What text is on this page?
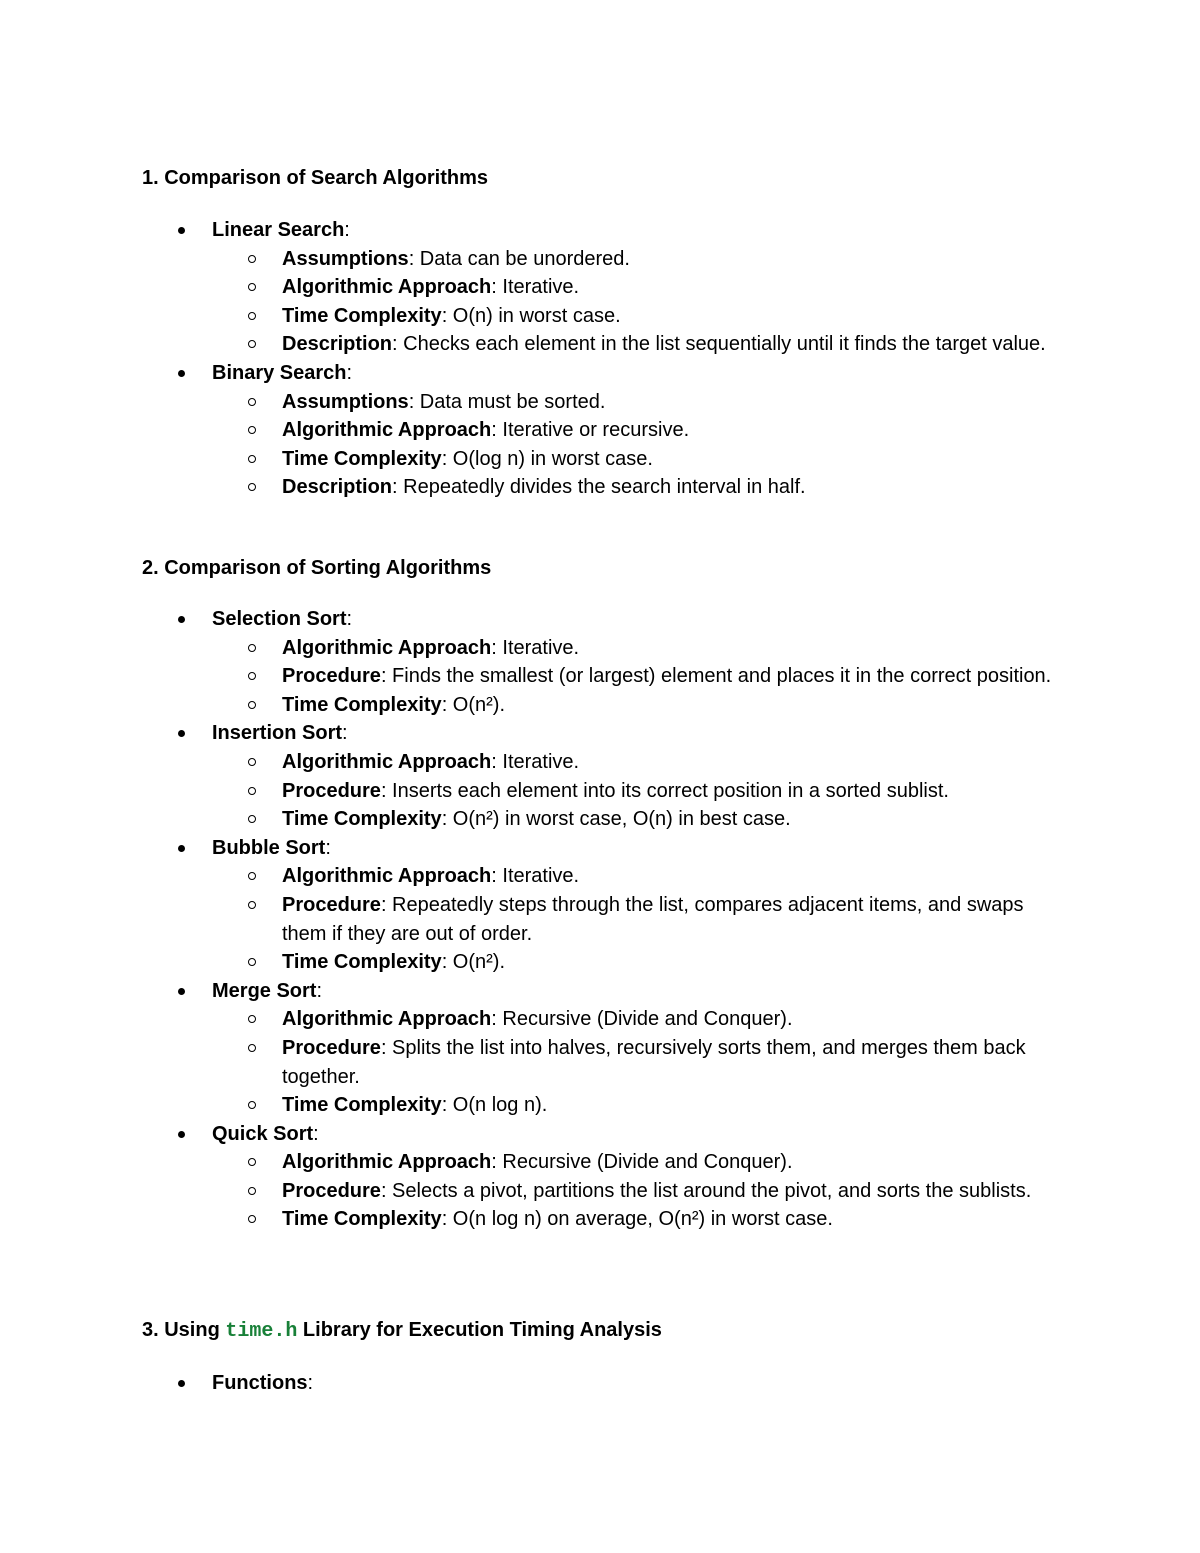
1. Comparison of Search Algorithms
Linear Search:
Assumptions: Data can be unordered.
Algorithmic Approach: Iterative.
Time Complexity: O(n) in worst case.
Description: Checks each element in the list sequentially until it finds the target value.
Binary Search:
Assumptions: Data must be sorted.
Algorithmic Approach: Iterative or recursive.
Time Complexity: O(log n) in worst case.
Description: Repeatedly divides the search interval in half.
2. Comparison of Sorting Algorithms
Selection Sort:
Algorithmic Approach: Iterative.
Procedure: Finds the smallest (or largest) element and places it in the correct position.
Time Complexity: O(n²).
Insertion Sort:
Algorithmic Approach: Iterative.
Procedure: Inserts each element into its correct position in a sorted sublist.
Time Complexity: O(n²) in worst case, O(n) in best case.
Bubble Sort:
Algorithmic Approach: Iterative.
Procedure: Repeatedly steps through the list, compares adjacent items, and swaps them if they are out of order.
Time Complexity: O(n²).
Merge Sort:
Algorithmic Approach: Recursive (Divide and Conquer).
Procedure: Splits the list into halves, recursively sorts them, and merges them back together.
Time Complexity: O(n log n).
Quick Sort:
Algorithmic Approach: Recursive (Divide and Conquer).
Procedure: Selects a pivot, partitions the list around the pivot, and sorts the sublists.
Time Complexity: O(n log n) on average, O(n²) in worst case.
3. Using time.h Library for Execution Timing Analysis
Functions:
